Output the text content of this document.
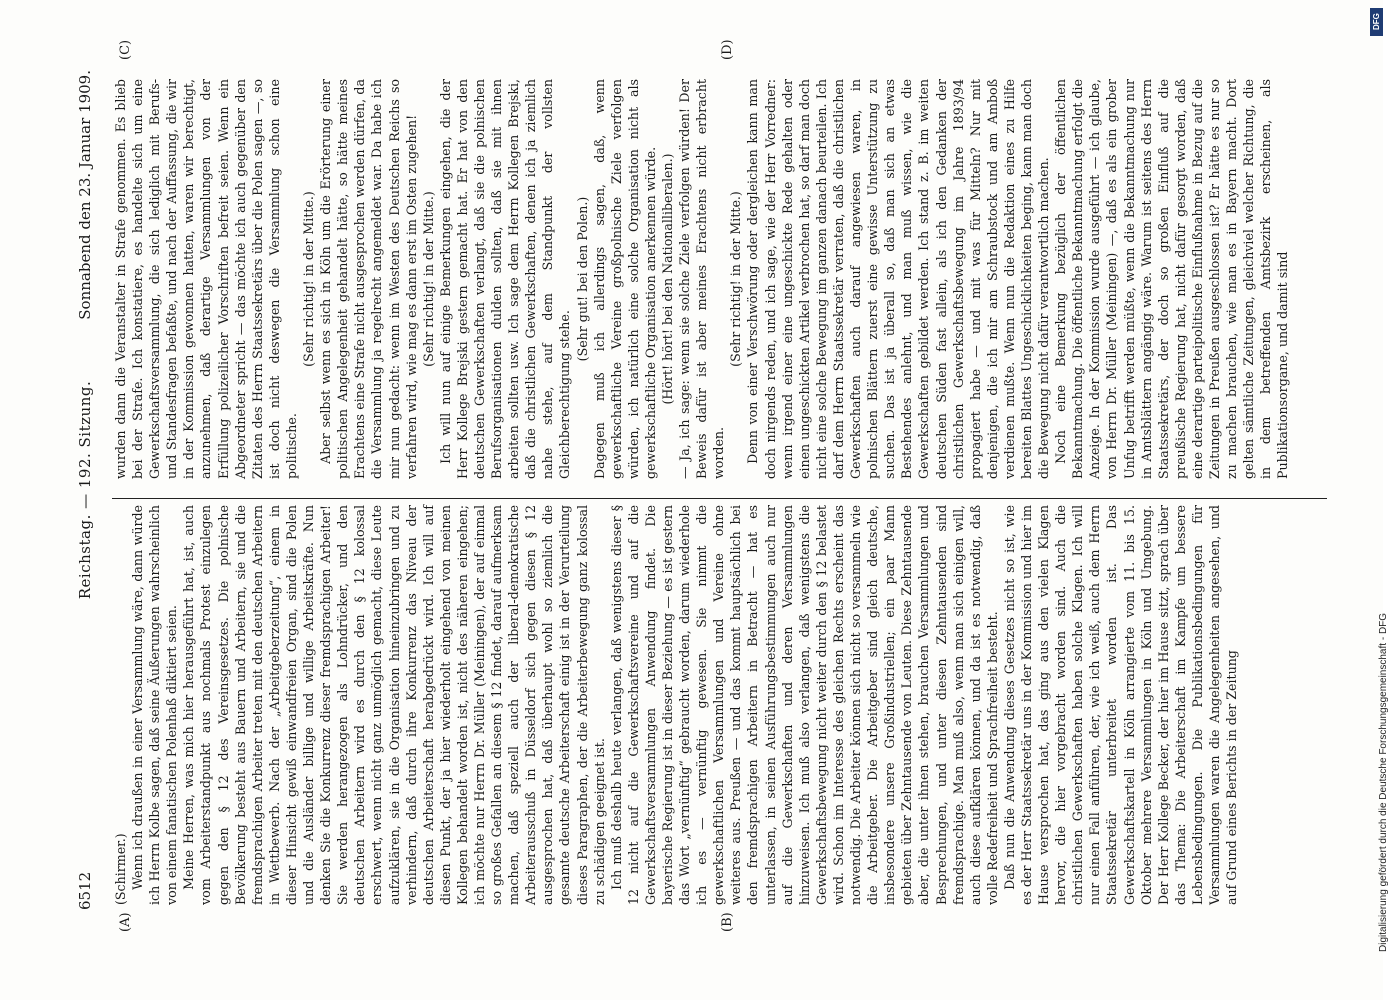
6512
Reichstag. — 192. Sitzung.
Sonnabend den 23. Januar 1909.
(A)	(B)
(C)	(D)

(Schirmer.) Wenn ich draußen in einer Versammlung wäre, dann würde ich Herrn Kolbe sagen, daß seine Äußerungen wahrscheinlich von einem fanatischen Polenhaß diktiert seien. Meine Herren, was mich hier herausgeführt hat, ist, auch vom Arbeiterstandpunkt aus nochmals Protest einzulegen gegen den § 12 des Vereinsgesetzes. Die polnische Bevölkerung besteht aus Bauern und Arbeitern, sie und die fremdsprachigen Arbeiter treten mit den deutschen Arbeitern in Wettbewerb. Nach der „Arbeitgeberzeitung“, einem in dieser Hinsicht gewiß einwandfreien Organ, sind die Polen und die Ausländer billige und willige Arbeitskräfte. Nun denken Sie die Konkurrenz dieser fremdsprachigen Arbeiter! Sie werden herangezogen als Lohndrücker, und den deutschen Arbeitern wird es durch den § 12 kolossal erschwert, wenn nicht ganz unmöglich gemacht, diese Leute aufzuklären, sie in die Organisation hineinzubringen und zu verhindern, daß durch ihre Konkurrenz das Niveau der deutschen Arbeiterschaft herabgedrückt wird. Ich will auf diesen Punkt, der ja hier wiederholt eingehend von meinen Kollegen behandelt worden ist, nicht des näheren eingehen; ich möchte nur Herrn Dr. Müller (Meiningen), der auf einmal so großes Gefallen an diesem § 12 findet, darauf aufmerksam machen, daß speziell auch der liberal-demokratische Arbeiterausschuß in Düsseldorf sich gegen diesen § 12 ausgesprochen hat, daß überhaupt wohl so ziemlich die gesamte deutsche Arbeiterschaft einig ist in der Verurteilung dieses Paragraphen, der die Arbeiterbewegung ganz kolossal zu schädigen geeignet ist. Ich muß deshalb heute verlangen, daß wenigstens dieser § 12 nicht auf die Gewerkschaftsvereine und auf die Gewerkschaftsversammlungen Anwendung findet. Die bayerische Regierung ist in dieser Beziehung — es ist gestern das Wort „vernünftig“ gebraucht worden, darum wiederhole ich es — vernünftig gewesen. Sie nimmt die gewerkschaftlichen Versammlungen und Vereine ohne weiteres aus. Preußen — und das kommt hauptsächlich bei den fremdsprachigen Arbeitern in Betracht — hat es unterlassen, in seinen Ausführungsbestimmungen auch nur auf die Gewerkschaften und deren Versammlungen hinzuweisen. Ich muß also verlangen, daß wenigstens die Gewerkschaftsbewegung nicht weiter durch den § 12 belastet wird. Schon im Interesse des gleichen Rechts erscheint das notwendig. Die Arbeiter können sich nicht so versammeln wie die Arbeitgeber. Die Arbeitgeber sind gleich deutsche, insbesondere unsere Großindustriellen; ein paar Mann gebieten über Zehntausende von Leuten. Diese Zehntausende aber, die unter ihnen stehen, brauchen Versammlungen und Besprechungen, und unter diesen Zehntausenden sind fremdsprachige. Man muß also, wenn man sich einigen will, auch diese aufklären können, und da ist es notwendig, daß volle Redefreiheit und Sprachfreiheit besteht. Daß nun die Anwendung dieses Gesetzes nicht so ist, wie es der Herr Staatssekretär uns in der Kommission und hier im Hause versprochen hat, das ging aus den vielen Klagen hervor, die hier vorgebracht worden sind. Auch die christlichen Gewerkschaften haben solche Klagen. Ich will nur einen Fall anführen, der, wie ich weiß, auch dem Herrn Staatssekretär unterbreitet worden ist. Das Gewerkschaftskartell in Köln arrangierte vom 11. bis 15. Oktober mehrere Versammlungen in Köln und Umgebung. Der Herr Kollege Becker, der hier im Hause sitzt, sprach über das Thema: Die Arbeiterschaft im Kampfe um bessere Lebensbedingungen. Die Publikationsbedingungen für Versammlungen waren die Angelegenheiten angesehen, und auf Grund eines Berichts in der Zeitung

wurden dann die Veranstalter in Strafe genommen. Es blieb bei der Strafe. Ich konstatiere, es handelte sich um eine Gewerkschaftsversammlung, die sich lediglich mit Berufs- und Standesfragen befaßte, und nach der Auffassung, die wir in der Kommission gewonnen hatten, waren wir berechtigt, anzunehmen, daß derartige Versammlungen von der Erfüllung polizeilicher Vorschriften befreit seien. Wenn ein Abgeordneter spricht — das möchte ich auch gegenüber den Zitaten des Herrn Staatssekretärs über die Polen sagen —, so ist doch nicht deswegen die Versammlung schon eine politische.

(Sehr richtig! in der Mitte.) Aber selbst wenn es sich in Köln um die Erörterung einer politischen Angelegenheit gehandelt hätte, so hätte meines Erachtens eine Strafe nicht ausgesprochen werden dürfen, da die Versammlung ja regelrecht angemeldet war. Da habe ich mir nun gedacht: wenn im Westen des Deutschen Reichs so verfahren wird, wie mag es dann erst im Osten zugehen! (Sehr richtig! in der Mitte.) Ich will nun auf einige Bemerkungen eingehen, die der Herr Kollege Brejski gestern gemacht hat. Er hat von den deutschen Gewerkschaften verlangt, daß sie die polnischen Berufsorganisationen dulden sollten, daß sie mit ihnen arbeiten sollten usw. Ich sage dem Herrn Kollegen Brejski, daß die christlichen Gewerkschaften, denen ich ja ziemlich nahe stehe, auf dem Standpunkt der vollsten Gleichberechtigung stehe.

(Sehr gut! bei den Polen.) Dagegen muß ich allerdings sagen, daß, wenn gewerkschaftliche Vereine großpolnische Ziele verfolgen würden, ich natürlich eine solche Organisation nicht als gewerkschaftliche Organisation anerkennen würde. (Hört! hört! bei den Nationalliberalen.) — Ja, ich sage: wenn sie solche Ziele verfolgen würden! Der Beweis dafür ist aber meines Erachtens nicht erbracht worden.

(Sehr richtig! in der Mitte.) Denn von einer Verschwörung oder dergleichen kann man doch nirgends reden, und ich sage, wie der Herr Vorredner: wenn irgend einer eine ungeschickte Rede gehalten oder einen ungeschickten Artikel verbrochen hat, so darf man doch nicht eine solche Bewegung im ganzen danach beurteilen. Ich darf dem Herrn Staatssekretär verraten, daß die christlichen Gewerkschaften auch darauf angewiesen waren, in polnischen Blättern zuerst eine gewisse Unterstützung zu suchen. Das ist ja überall so, daß man sich an etwas Bestehendes anlehnt, und man muß wissen, wie die Gewerkschaften gebildet werden. Ich stand z. B. im weiten deutschen Süden fast allein, als ich den Gedanken der christlichen Gewerkschaftsbewegung im Jahre 1893/94 propagiert habe — und mit was für Mitteln? Nur mit denjenigen, die ich mir am Schraubstock und am Amboß verdienen mußte. Wenn nun die Redaktion eines zu Hilfe bereiten Blattes Ungeschicklichkeiten beging, kann man doch die Bewegung nicht dafür verantwortlich machen. Noch eine Bemerkung bezüglich der öffentlichen Bekanntmachung. Die öffentliche Bekanntmachung erfolgt die Anzeige. In der Kommission wurde ausgeführt — ich glaube, von Herrn Dr. Müller (Meiningen) —, daß es als ein grober Unfug betrifft werden müßte, wenn die Bekanntmachung nur in Amtsblättern angängig wäre. Warum ist seitens des Herrn Staatssekretärs, der doch so großen Einfluß auf die preußische Regierung hat, nicht dafür gesorgt worden, daß eine derartige parteipolitische Einflußnahme in Bezug auf die Zeitungen in Preußen ausgeschlossen ist? Er hätte es nur so zu machen brauchen, wie man es in Bayern macht. Dort gelten sämtliche Zeitungen, gleichviel welcher Richtung, die in dem betreffenden Amtsbezirk erscheinen, als Publikationsorgane, und damit sind

DFG
Digitalisierung gefördert durch die Deutsche Forschungsgemeinschaft - DFG
